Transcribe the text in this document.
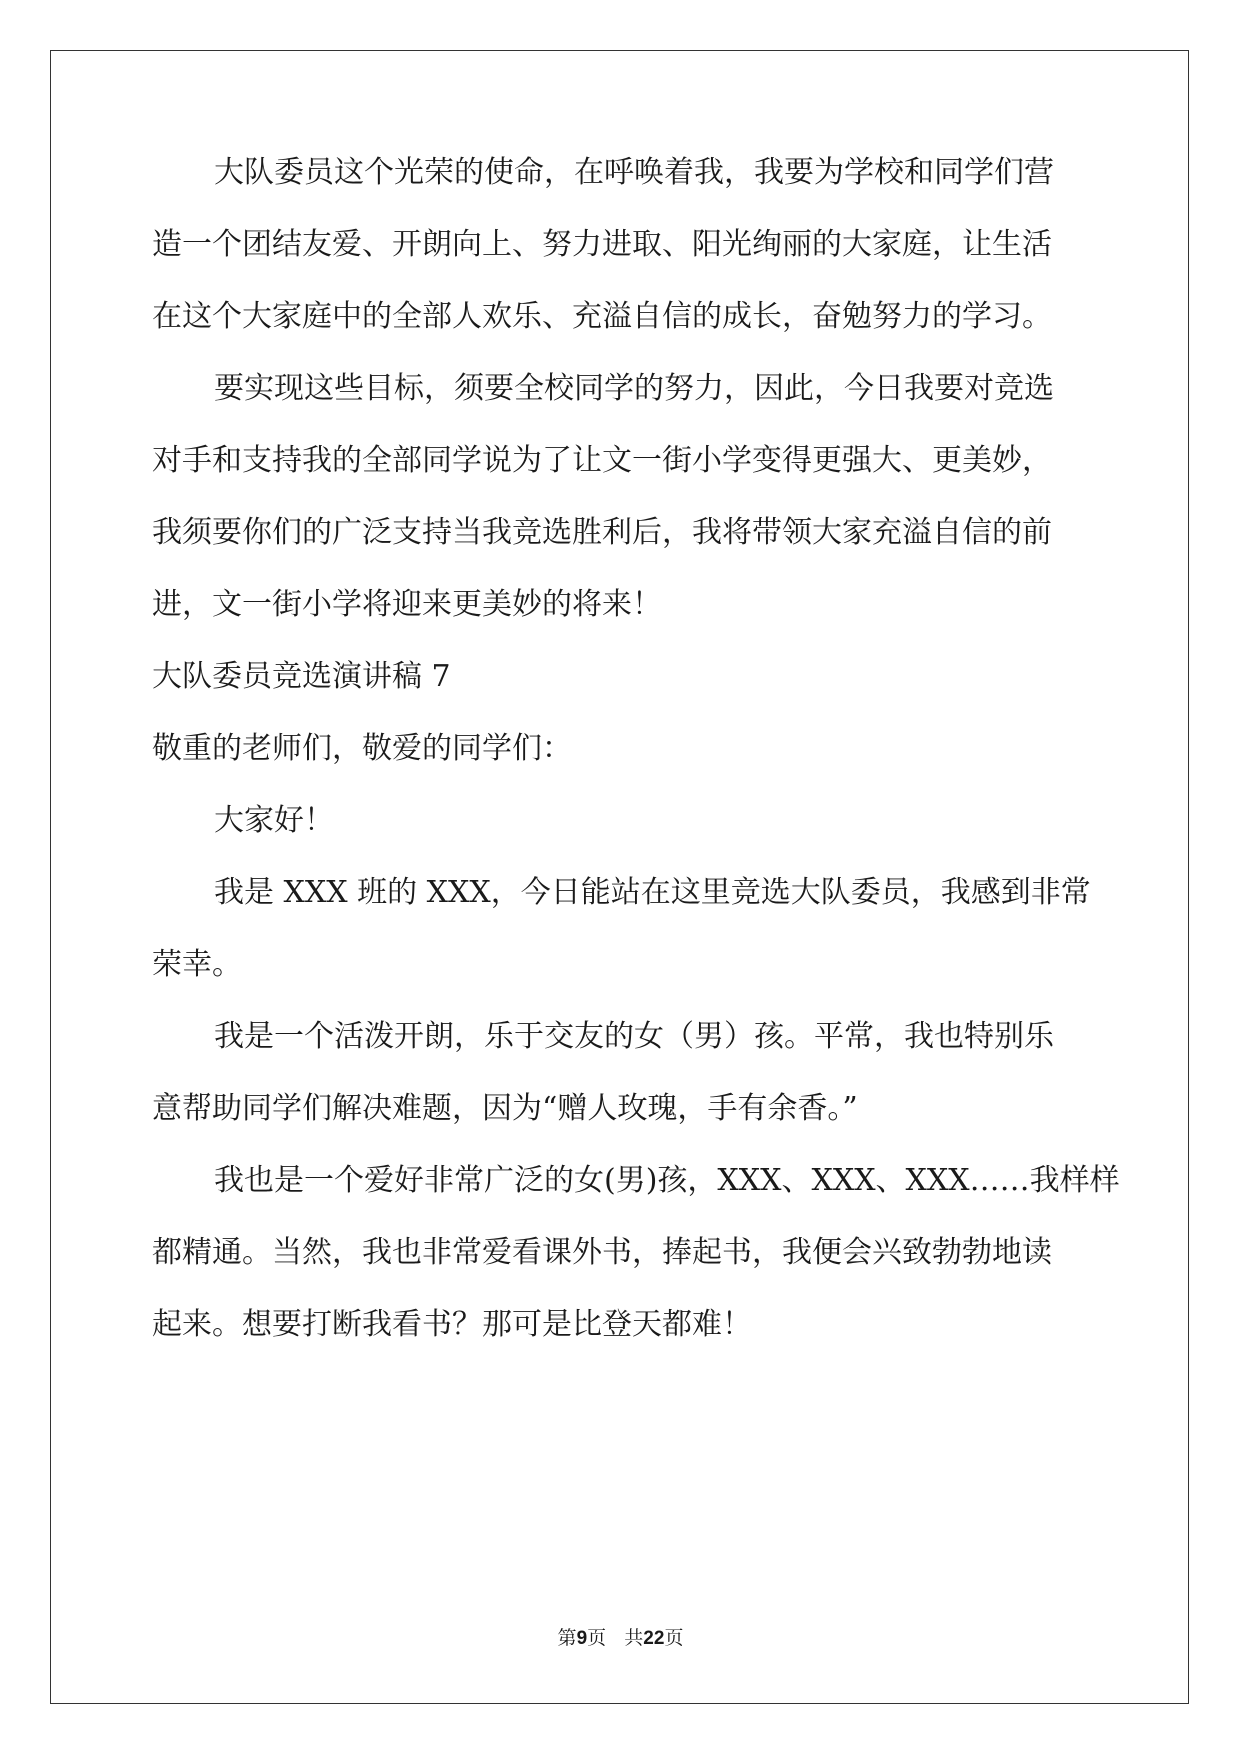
大队委员这个光荣的使命，在呼唤着我，我要为学校和同学们营
造一个团结友爱、开朗向上、努力进取、阳光绚丽的大家庭，让生活
在这个大家庭中的全部人欢乐、充溢自信的成长，奋勉努力的学习。
要实现这些目标，须要全校同学的努力，因此，今日我要对竞选
对手和支持我的全部同学说为了让文一街小学变得更强大、更美妙，
我须要你们的广泛支持当我竞选胜利后，我将带领大家充溢自信的前
进，文一街小学将迎来更美妙的将来！
大队委员竞选演讲稿 7
敬重的老师们，敬爱的同学们：
大家好！
我是 XXX 班的 XXX，今日能站在这里竞选大队委员，我感到非常
荣幸。
我是一个活泼开朗，乐于交友的女（男）孩。平常，我也特别乐
意帮助同学们解决难题，因为“赠人玫瑰，手有余香。”
我也是一个爱好非常广泛的女(男)孩，XXX、XXX、XXX……我样样
都精通。当然，我也非常爱看课外书，捧起书，我便会兴致勃勃地读
起来。想要打断我看书？那可是比登天都难！
第9页 共22页
